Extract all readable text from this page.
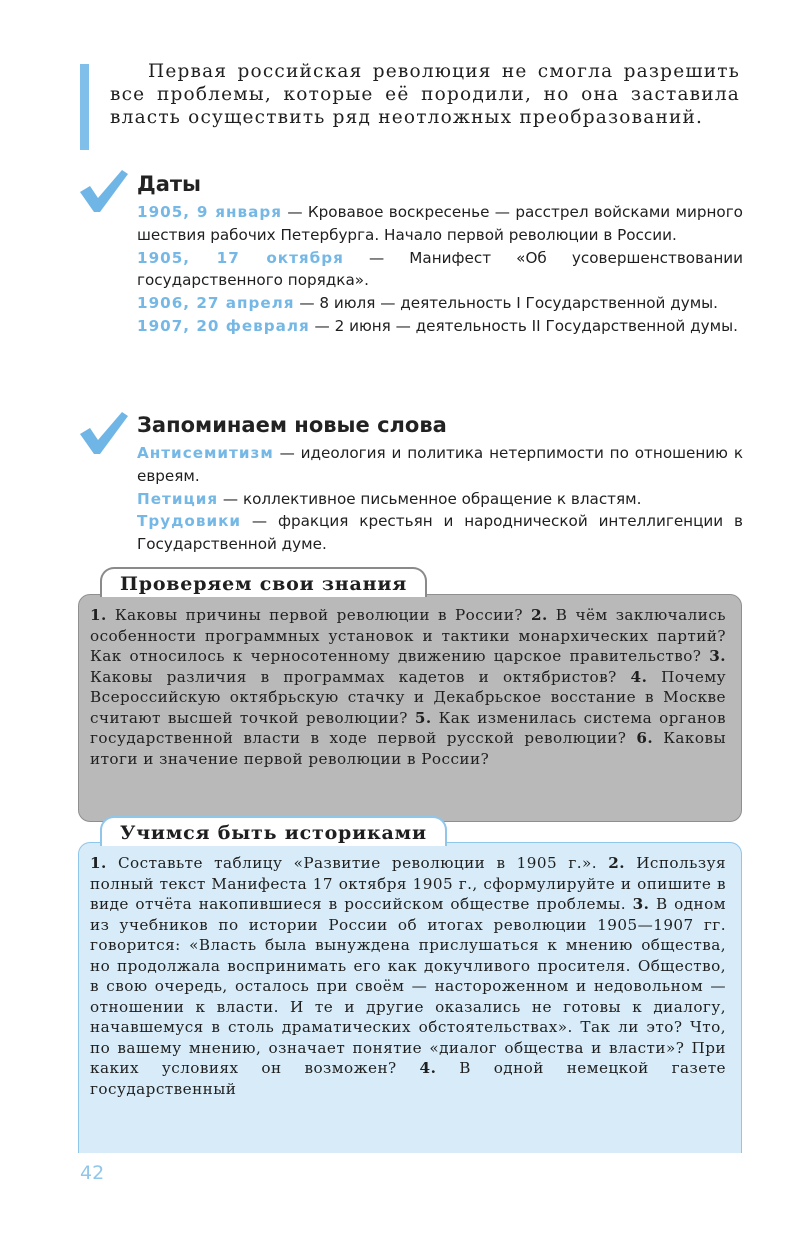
Первая российская революция не смогла разрешить все проблемы, которые её породили, но она заставила власть осуществить ряд неотложных преобразований.
Даты

1905, 9 января — Кровавое воскресенье — расстрел войсками мирного шествия рабочих Петербурга. Начало первой революции в России.

1905, 17 октября — Манифест «Об усовершенствовании государственного порядка».

1906, 27 апреля — 8 июля — деятельность I Государственной думы.

1907, 20 февраля — 2 июня — деятельность II Государственной думы.

Запоминаем новые слова

Антисемитизм — идеология и политика нетерпимости по отношению к евреям.

Петиция — коллективное письменное обращение к властям.

Трудовики — фракция крестьян и народнической интеллигенции в Государственной думе.

1. Каковы причины первой революции в России? 2. В чём заключались особенности программных установок и тактики монархических партий? Как относилось к черносотенному движению царское правительство? 3. Каковы различия в программах кадетов и октябристов? 4. Почему Всероссийскую октябрьскую стачку и Декабрьское восстание в Москве считают высшей точкой революции? 5. Как изменилась система органов государственной власти в ходе первой русской революции? 6. Каковы итоги и значение первой революции в России?
Проверяем свои знания
1. Составьте таблицу «Развитие революции в 1905 г.». 2. Используя полный текст Манифеста 17 октября 1905 г., сформулируйте и опишите в виде отчёта накопившиеся в российском обществе проблемы. 3. В одном из учебников по истории России об итогах революции 1905—1907 гг. говорится: «Власть была вынуждена прислушаться к мнению общества, но продолжала воспринимать его как докучливого просителя. Общество, в свою очередь, осталось при своём — настороженном и недовольном — отношении к власти. И те и другие оказались не готовы к диалогу, начавшемуся в столь драматических обстоятельствах». Так ли это? Что, по вашему мнению, означает понятие «диалог общества и власти»? При каких условиях он возможен? 4. В одной немецкой газете государственный
Учимся быть историками
42
